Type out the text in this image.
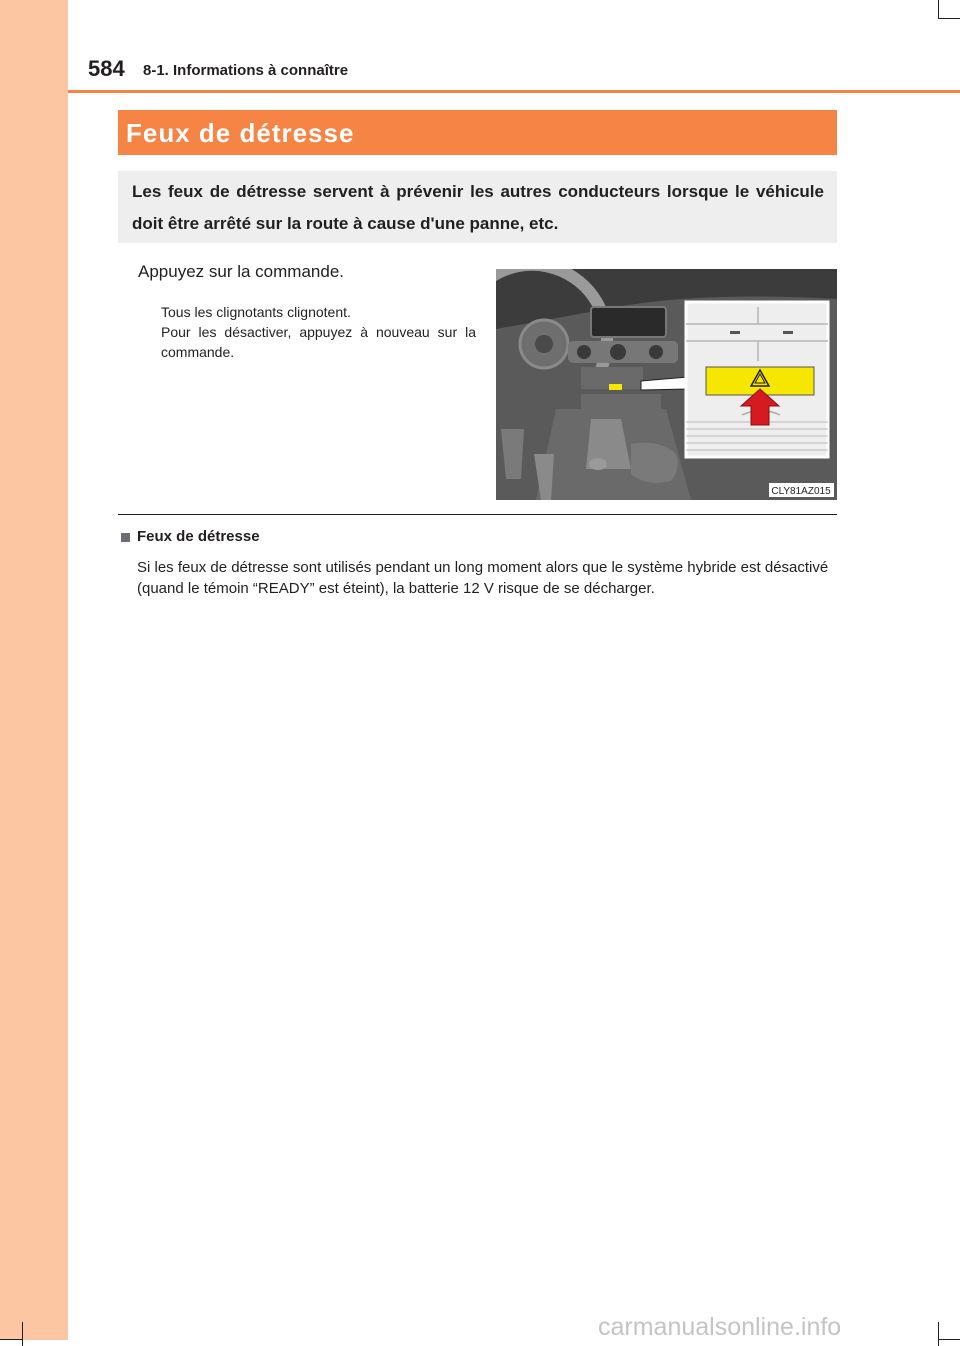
584 8-1. Informations à connaître
Feux de détresse
Les feux de détresse servent à prévenir les autres conducteurs lorsque le véhicule doit être arrêté sur la route à cause d'une panne, etc.
Appuyez sur la commande.
Tous les clignotants clignotent.
Pour les désactiver, appuyez à nouveau sur la commande.
CLY81AZ015
Feux de détresse
Si les feux de détresse sont utilisés pendant un long moment alors que le système hybride est désactivé (quand le témoin “READY” est éteint), la batterie 12 V risque de se décharger.
carmanualsonline.info
